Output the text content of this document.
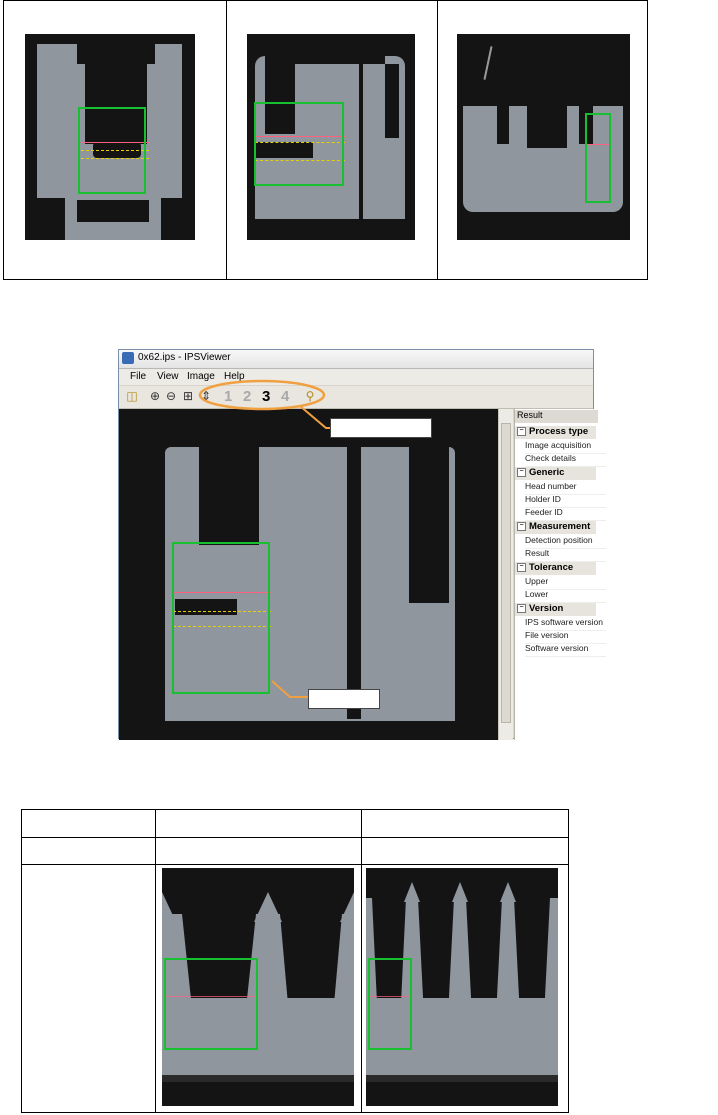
0x62.ips - IPSViewer
File View Image Help
◫ ⊕ ⊖ ⊞ ⇕ 1 2 3 4 ⚲
Result
− Process type
Image acquisition
Check details
− Generic
Head number
Holder ID
Feeder ID
− Measurement
Detection position
Result
− Tolerance
Upper
Lower
− Version
IPS software version
File version
Software version
